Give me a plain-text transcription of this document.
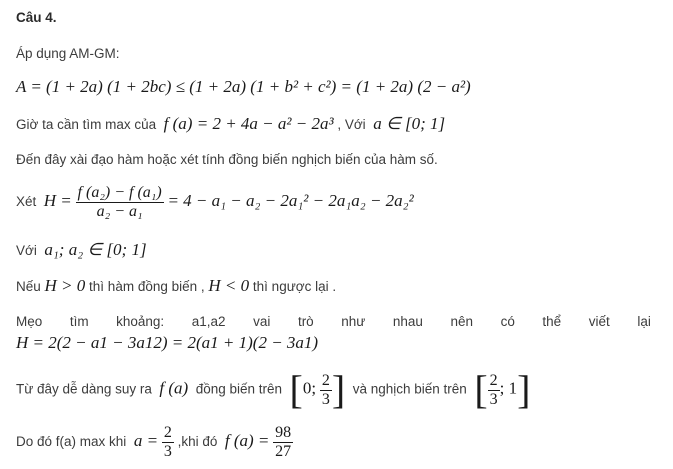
Câu 4.
Áp dụng AM-GM:
A = (1 + 2a) (1 + 2bc) ≤ (1 + 2a) (1 + b² + c²) = (1 + 2a) (2 − a²)
Giờ ta cần tìm max của f (a) = 2 + 4a − a² − 2a³ , Với a ∈ [0; 1]
Đến đây xài đạo hàm hoặc xét tính đồng biến nghịch biến của hàm số.
Xét $H = \frac{\text{f (a₂) − f (a₁)}}{\text{a₂ − a₁}} = 4 - a_1 - a_2 - 2a_1^2 - 2a_1a_2 - 2a_2^2$
Với a₁; a₂ ∈ [0; 1]
Nếu H > 0 thì hàm đồng biến , H < 0 thì ngược lại .
Mẹo tìm khoảng: a1,a2 vai trò như nhau nên có thể viết lại
H = 2(2 − a1 − 3a12) = 2(a1 + 1)(2 − 3a1)
Từ đây dễ dàng suy ra f (a) đồng biến trên [0; $\frac{2}{3}$ ] và nghịch biến trên [ $\frac{2}{3}$ ; 1]
Do đó f(a) max khi $a = \frac{2}{3} ,khi$ đó f $(a) = \frac{98}{27}$
